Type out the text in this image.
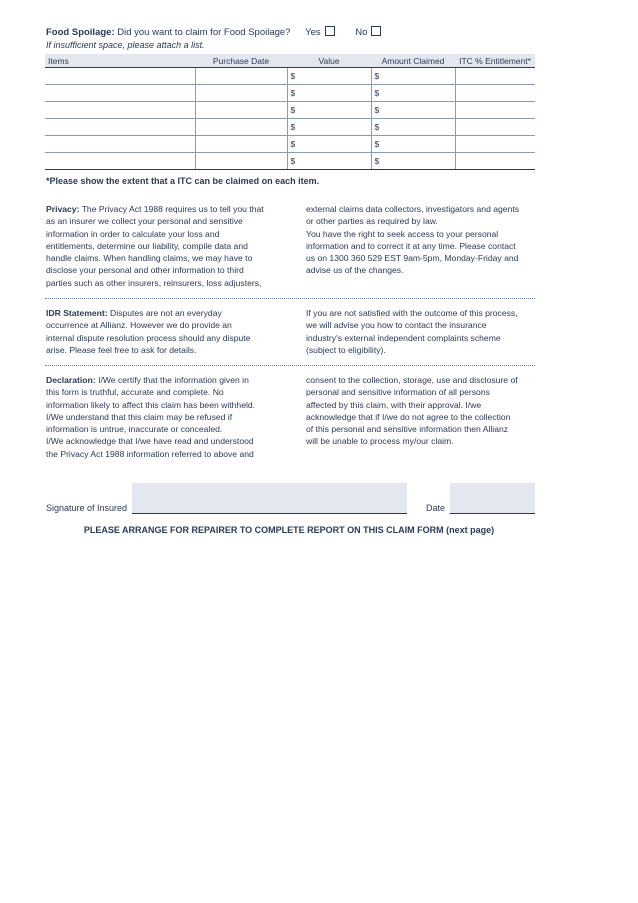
Food Spoilage: Did you want to claim for Food Spoilage? Yes	No
If insufficient space, please attach a list.
Items	Purchase Date	Value	Amount Claimed	ITC % Entitlement*
		$	$	
		$	$	
		$	$	
		$	$	
		$	$	
		$	$	
*Please show the extent that a ITC can be claimed on each item.
Privacy: The Privacy Act 1988 requires us to tell you that
as an insurer we collect your personal and sensitive
information in order to calculate your loss and
entitlements, determine our liability, compile data and
handle claims. When handling claims, we may have to
disclose your personal and other information to third
parties such as other insurers, reinsurers, loss adjusters,
external claims data collectors, investigators and agents
or other parties as required by law.
You have the right to seek access to your personal
information and to correct it at any time. Please contact
us on 1300 360 529 EST 9am-5pm, Monday-Friday and
advise us of the changes.
IDR Statement: Disputes are not an everyday
occurrence at Allianz. However we do provide an
internal dispute resolution process should any dispute
arise. Please feel free to ask for details.
If you are not satisfied with the outcome of this process,
we will advise you how to contact the insurance
industry's external independent complaints scheme
(subject to eligibility).
Declaration: I/We certify that the information given in
this form is truthful, accurate and complete. No
information likely to affect this claim has been withheld.
I/We understand that this claim may be refused if
information is untrue, inaccurate or concealed.
I/We acknowledge that I/we have read and understood
the Privacy Act 1988 information referred to above and
consent to the collection, storage, use and disclosure of
personal and sensitive information of all persons
affected by this claim, with their approval. I/we
acknowledge that if I/we do not agree to the collection
of this personal and sensitive information then Allianz
will be unable to process my/our claim.
Signature of Insured	Date
PLEASE ARRANGE FOR REPAIRER TO COMPLETE REPORT ON THIS CLAIM FORM (next page)
